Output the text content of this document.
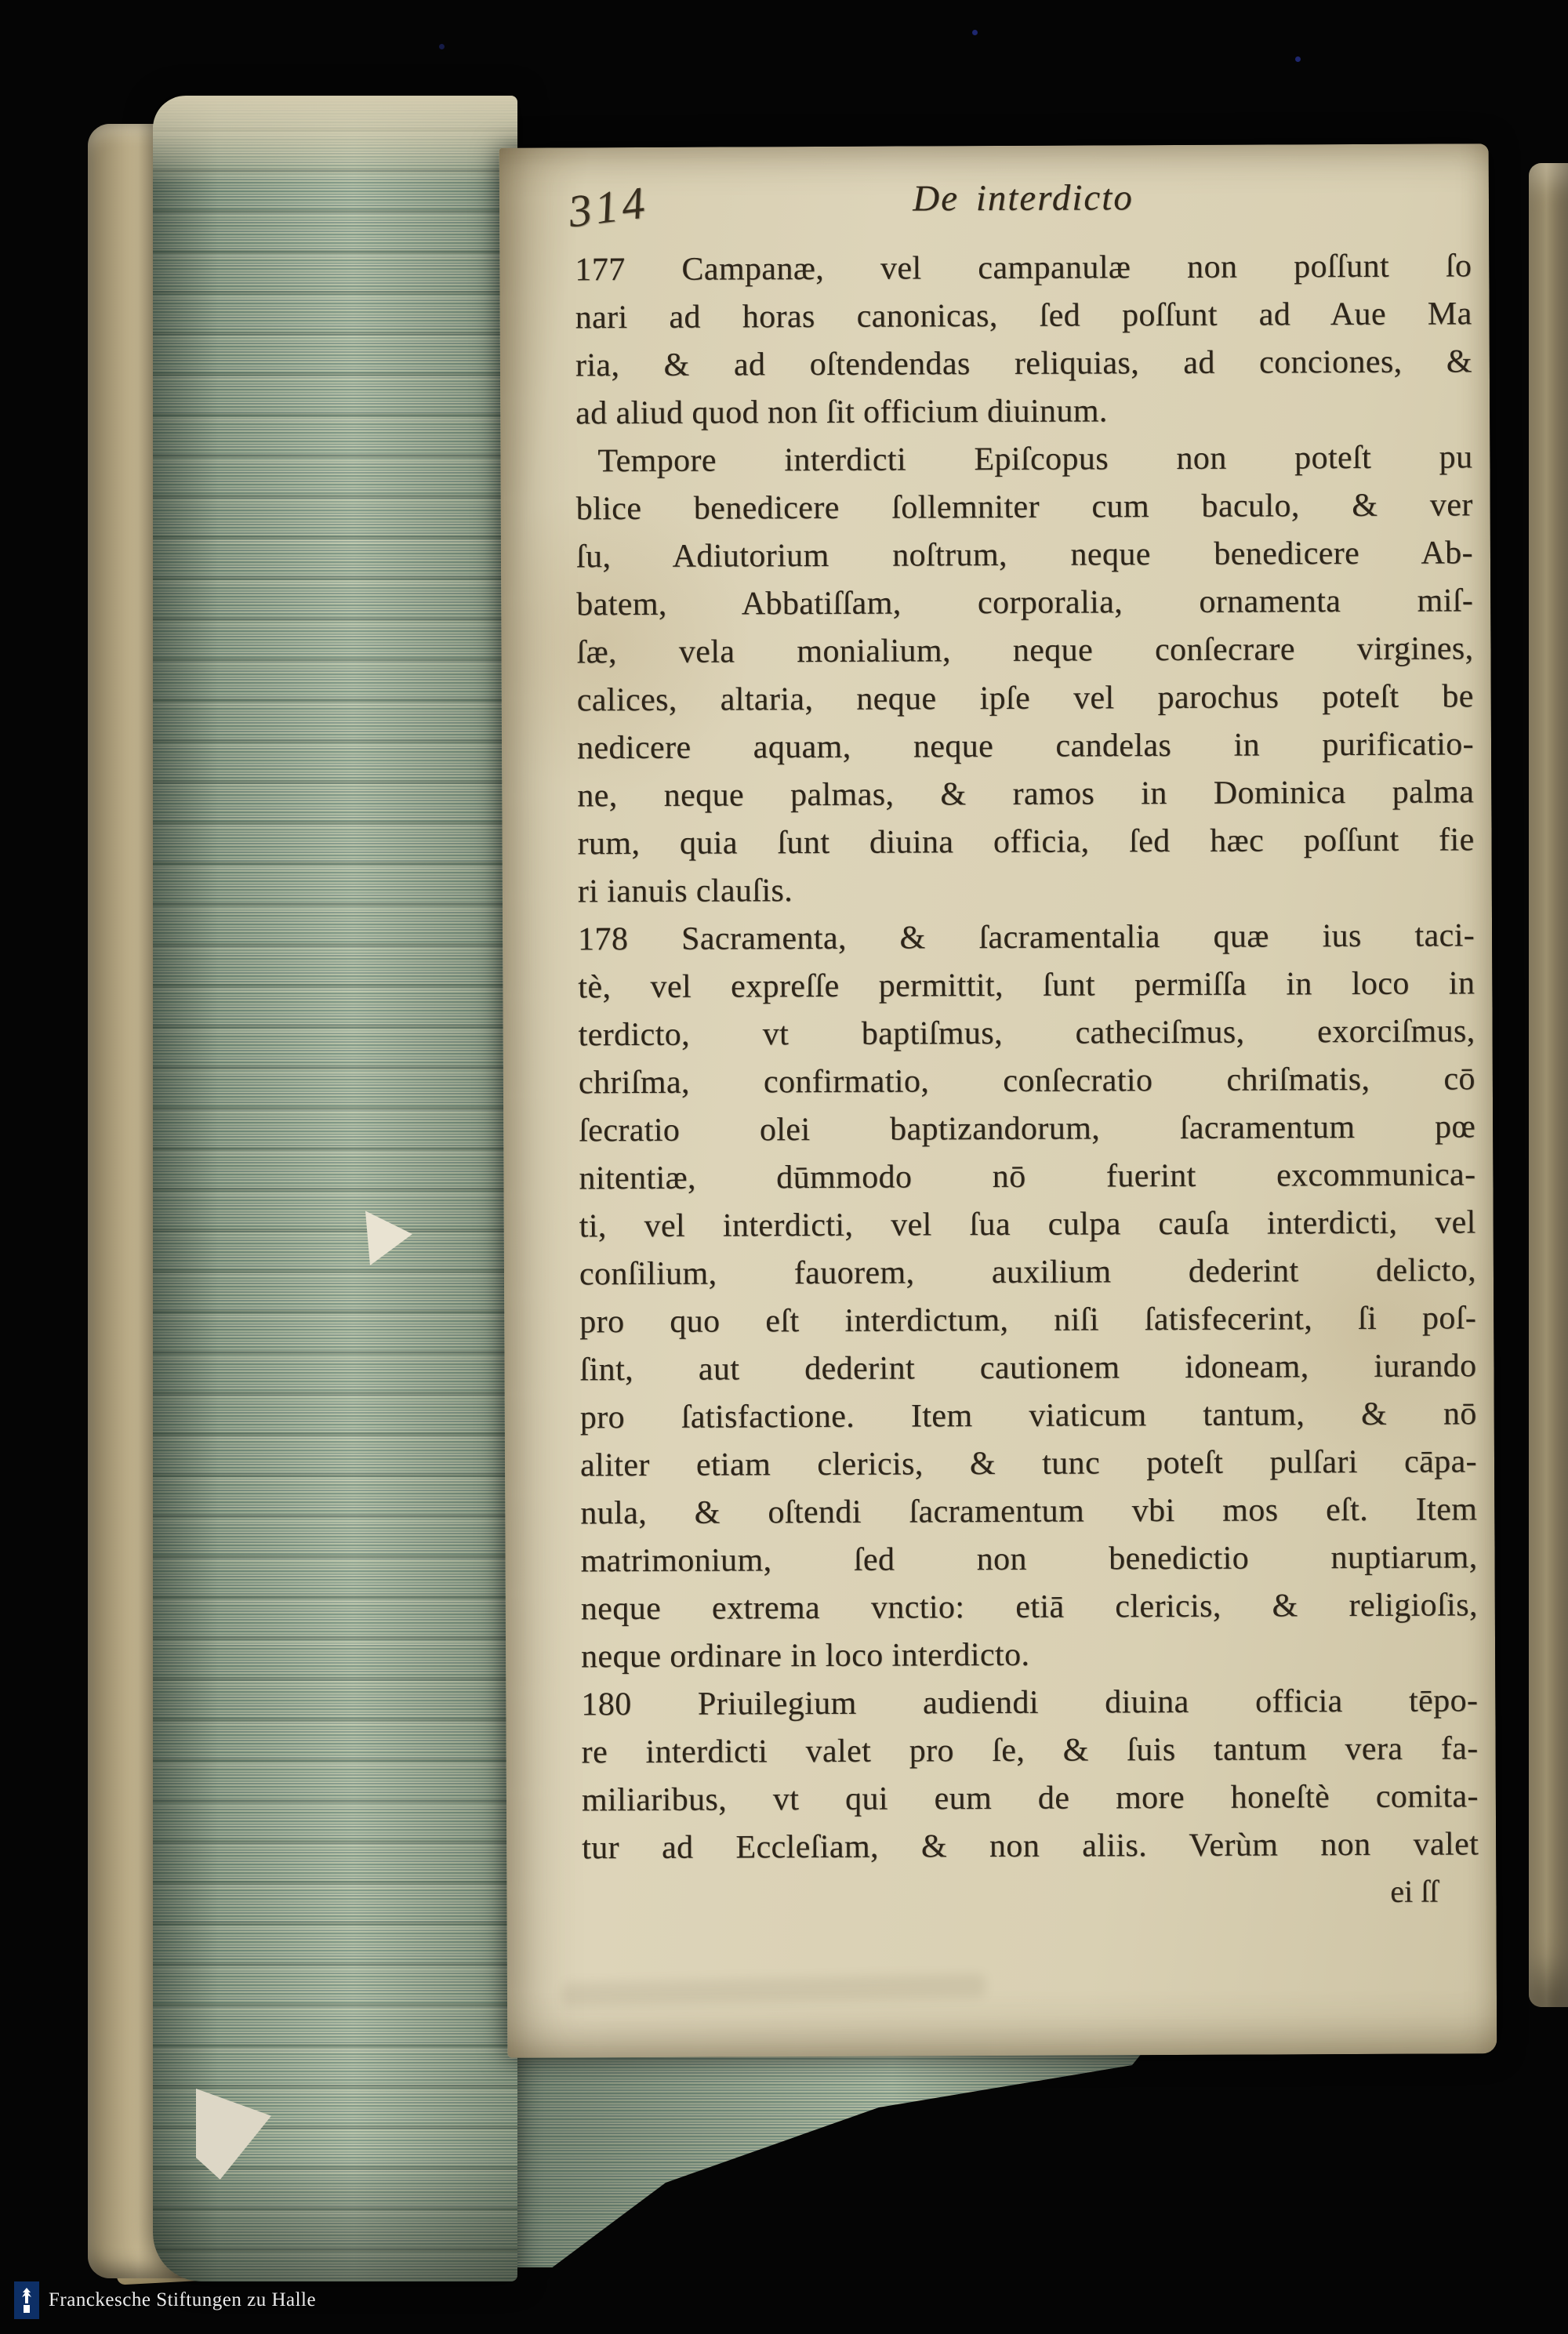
314	De interdicto
177 Campanæ, vel campanulæ non poſſunt ſo
nari ad horas canonicas, ſed poſſunt ad Aue Ma
ria, & ad oſtendendas reliquias, ad conciones, &
ad aliud quod non ſit officium diuinum.
Tempore interdicti Epiſcopus non poteſt pu
blice benedicere ſollemniter cum baculo, & ver
ſu, Adiutorium noſtrum, neque benedicere Ab-
batem, Abbatiſſam, corporalia, ornamenta miſ-
ſæ, vela monialium, neque conſecrare virgines,
calices, altaria, neque ipſe vel parochus poteſt be
nedicere aquam, neque candelas in purificatio-
ne, neque palmas, & ramos in Dominica palma
rum, quia ſunt diuina officia, ſed hæc poſſunt fie
ri ianuis clauſis.
178 Sacramenta, & ſacramentalia quæ ius taci-
tè, vel expreſſe permittit, ſunt permiſſa in loco in
terdicto, vt baptiſmus, catheciſmus, exorciſmus,
chriſma, confirmatio, conſecratio chriſmatis, cō
ſecratio olei baptizandorum, ſacramentum pœ
nitentiæ, dūmmodo nō fuerint excommunica-
ti, vel interdicti, vel ſua culpa cauſa interdicti, vel
conſilium, fauorem, auxilium dederint delicto,
pro quo eſt interdictum, niſi ſatisfecerint, ſi poſ-
ſint, aut dederint cautionem idoneam, iurando
pro ſatisfactione. Item viaticum tantum, & nō
aliter etiam clericis, & tunc poteſt pulſari cāpa-
nula, & oſtendi ſacramentum vbi mos eſt. Item
matrimonium, ſed non benedictio nuptiarum,
neque extrema vnctio: etiā clericis, & religioſis,
neque ordinare in loco interdicto.
180 Priuilegium audiendi diuina officia tēpo-
re interdicti valet pro ſe, & ſuis tantum vera fa-
miliaribus, vt qui eum de more honeſtè comita-
tur ad Eccleſiam, & non aliis. Verùm non valet
ei ſſ
Franckesche Stiftungen zu Halle
